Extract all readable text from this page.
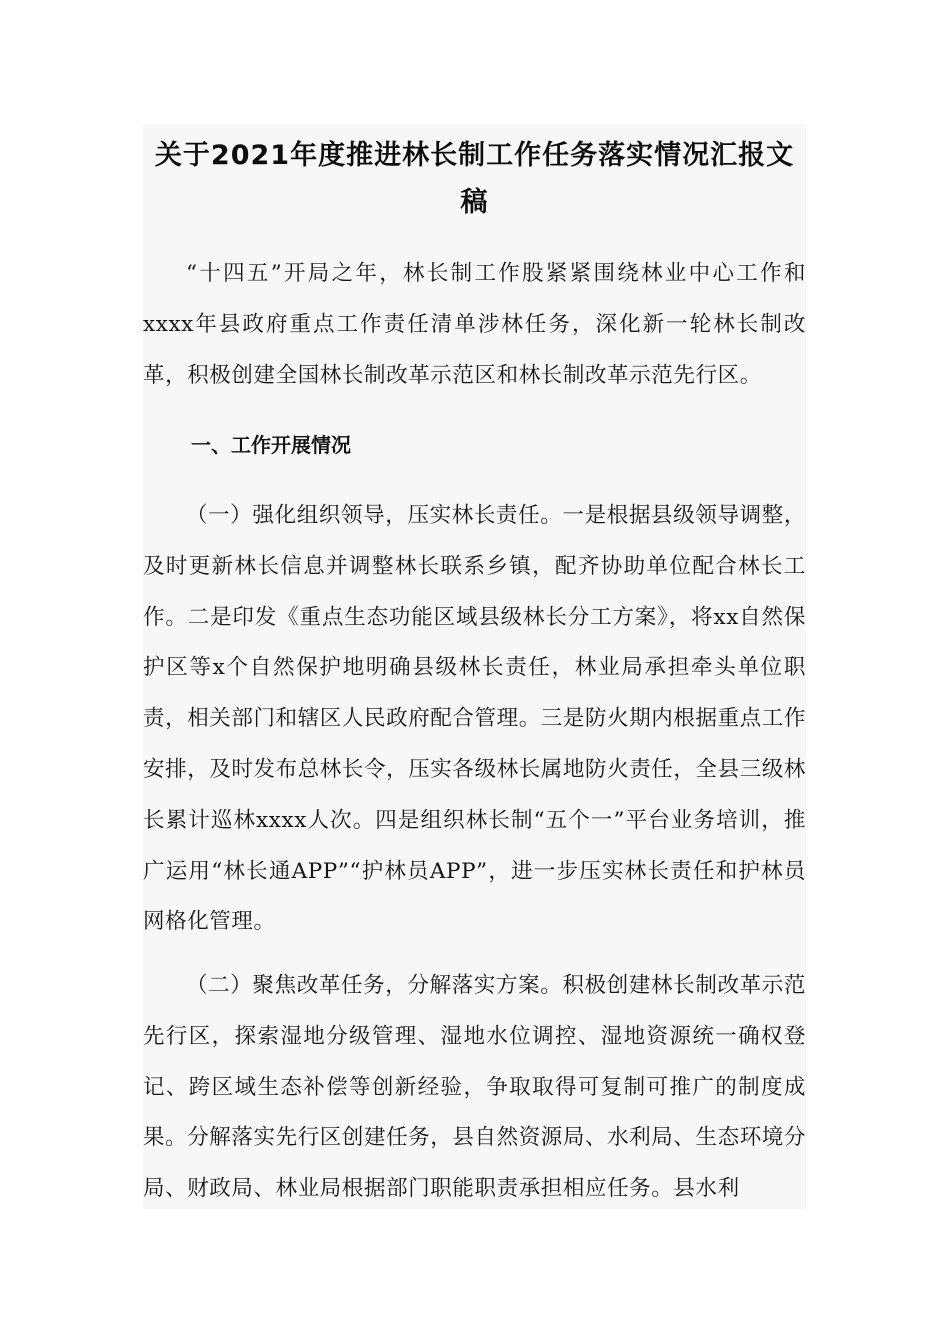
关于2021年度推进林长制工作任务落实情况汇报文稿

“十四五”开局之年，林长制工作股紧紧围绕林业中心工作和xxxx年县政府重点工作责任清单涉林任务，深化新一轮林长制改革，积极创建全国林长制改革示范区和林长制改革示范先行区。

一、工作开展情况

（一）强化组织领导，压实林长责任。一是根据县级领导调整，及时更新林长信息并调整林长联系乡镇，配齐协助单位配合林长工作。二是印发《重点生态功能区域县级林长分工方案》，将xx自然保护区等x个自然保护地明确县级林长责任，林业局承担牵头单位职责，相关部门和辖区人民政府配合管理。三是防火期内根据重点工作安排，及时发布总林长令，压实各级林长属地防火责任，全县三级林长累计巡林xxxx人次。四是组织林长制“五个一”平台业务培训，推广运用“林长通APP”“护林员APP”，进一步压实林长责任和护林员网格化管理。

（二）聚焦改革任务，分解落实方案。积极创建林长制改革示范先行区，探索湿地分级管理、湿地水位调控、湿地资源统一确权登记、跨区域生态补偿等创新经验，争取取得可复制可推广的制度成果。分解落实先行区创建任务，县自然资源局、水利局、生态环境分局、财政局、林业局根据部门职能职责承担相应任务。县水利
